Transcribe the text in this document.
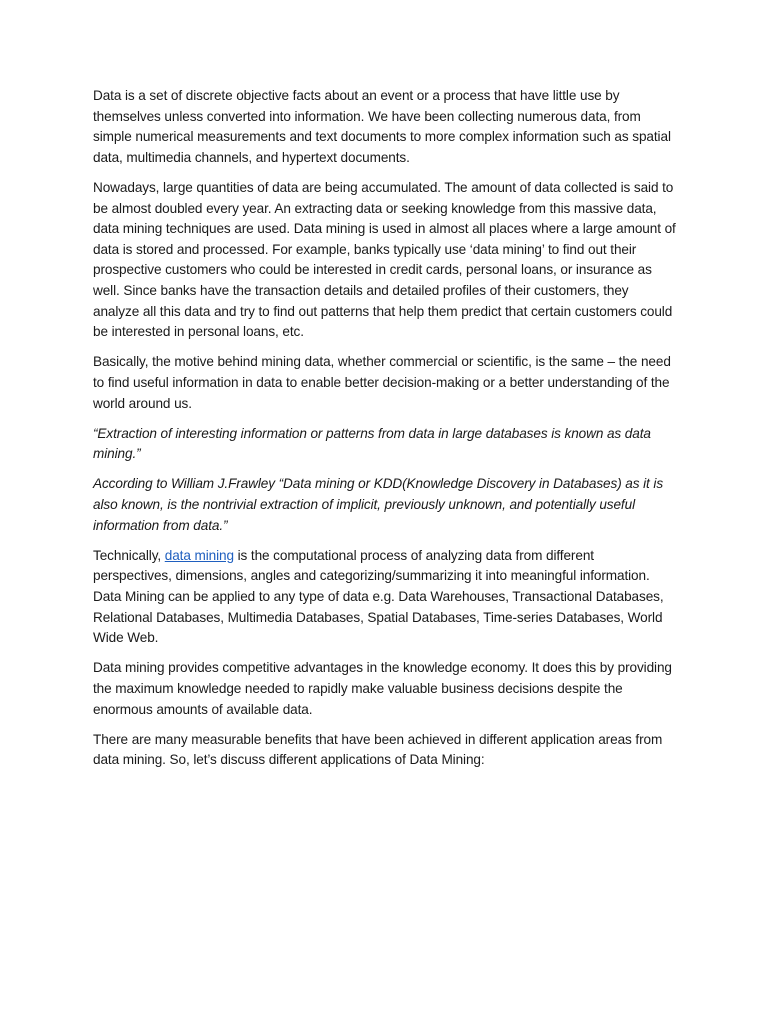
Data is a set of discrete objective facts about an event or a process that have little use by themselves unless converted into information. We have been collecting numerous data, from simple numerical measurements and text documents to more complex information such as spatial data, multimedia channels, and hypertext documents.

Nowadays, large quantities of data are being accumulated. The amount of data collected is said to be almost doubled every year. An extracting data or seeking knowledge from this massive data, data mining techniques are used. Data mining is used in almost all places where a large amount of data is stored and processed. For example, banks typically use ‘data mining’ to find out their prospective customers who could be interested in credit cards, personal loans, or insurance as well. Since banks have the transaction details and detailed profiles of their customers, they analyze all this data and try to find out patterns that help them predict that certain customers could be interested in personal loans, etc.

Basically, the motive behind mining data, whether commercial or scientific, is the same – the need to find useful information in data to enable better decision-making or a better understanding of the world around us.

“Extraction of interesting information or patterns from data in large databases is known as data mining.”

According to William J.Frawley “Data mining or KDD(Knowledge Discovery in Databases) as it is also known, is the nontrivial extraction of implicit, previously unknown, and potentially useful information from data.”

Technically, data mining is the computational process of analyzing data from different perspectives, dimensions, angles and categorizing/summarizing it into meaningful information. Data Mining can be applied to any type of data e.g. Data Warehouses, Transactional Databases, Relational Databases, Multimedia Databases, Spatial Databases, Time-series Databases, World Wide Web.

Data mining provides competitive advantages in the knowledge economy. It does this by providing the maximum knowledge needed to rapidly make valuable business decisions despite the enormous amounts of available data.

There are many measurable benefits that have been achieved in different application areas from data mining. So, let’s discuss different applications of Data Mining:
